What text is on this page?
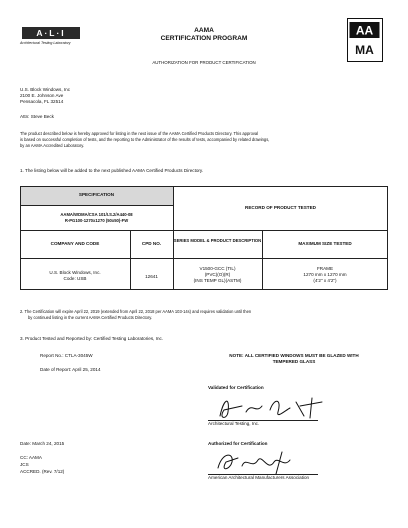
A·L·I
Architectural Testing Laboratory
AAMA
CERTIFICATION PROGRAM
AUTHORIZATION FOR PRODUCT CERTIFICATION
AA
MA
U.S. Block Windows, Inc
2100 E. Johnson Ave
Pensacola, FL 32514
Attn: Steve Beck
The product described below is hereby approved for listing in the next issue of the AAMA Certified Products Directory. This approval
is based on successful completion of tests, and the reporting to the Administrator of the results of tests, accompanied by related drawings,
by an AAMA Accredited Laboratory.
1. The listing below will be added to the next published AAMA Certified Products Directory.
SPECIFICATION
AAMA/WDMA/CSA 101/I.S.2/A440-08
R-PG100-1270x1270 (50x50)-FW
RECORD OF PRODUCT TESTED
COMPANY AND CODE	CPD NO.
SERIES MODEL & PRODUCT DESCRIPTION
MAXIMUM SIZE TESTED
U.S. Block Windows, Inc.
Code: USB	12641
V1500-GCC (TIL)
(PVC)(O)(R)
(INS TEMP GL)(ASTM)
FRAME
1270 mm x 1270 mm
(4'2" x 4'2")
2. The Certification will expire April 22, 2019 (extended from April 22, 2018 per AAMA 103-14s) and requires validation until then
by continued listing in the current AAMA Certified Products Directory.
3. Product Tested and Reported by: Certified Testing Laboratories, Inc.
Report No.: CTLA-3045W
Date of Report: April 25, 2014
NOTE: ALL CERTIFIED WINDOWS MUST BE GLAZED WITH
TEMPERED GLASS
Validated for Certification
Architectural Testing, Inc.
Authorized for Certification
Date: March 24, 2015
American Architectural Manufacturers Association
CC: AAMA
JCS
ACCRED. (Rev. 7/12)
